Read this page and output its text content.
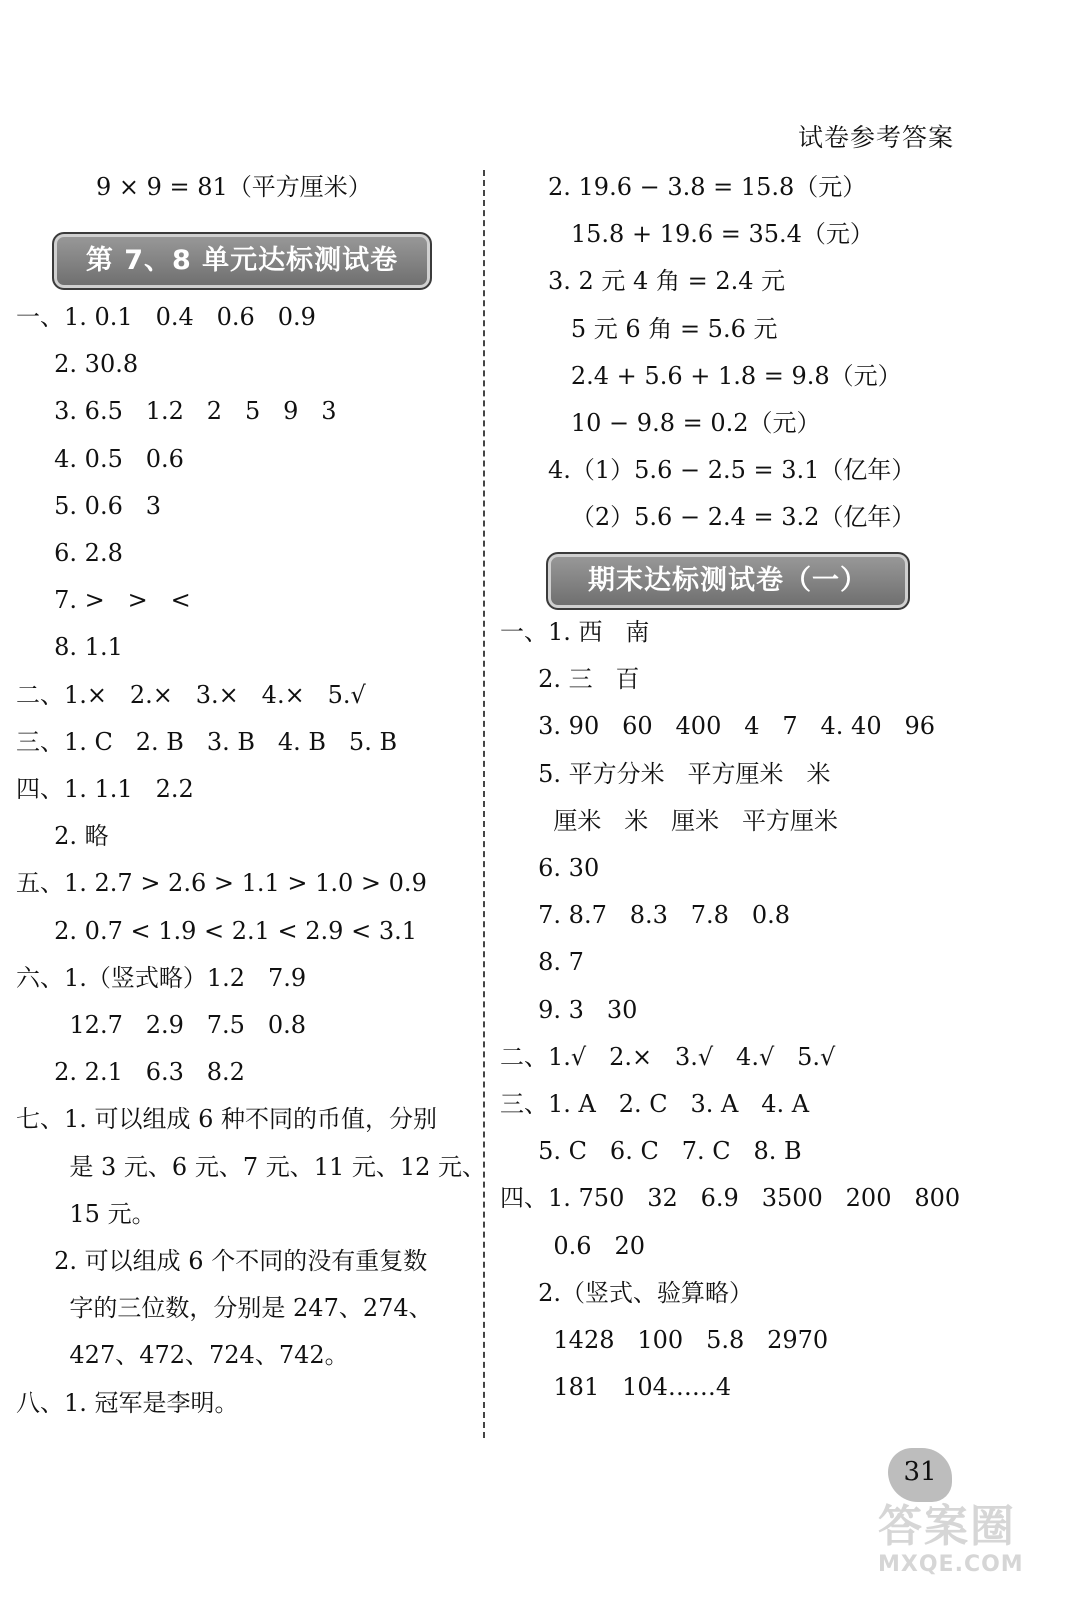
试卷参考答案
9 × 9 = 81（平方厘米）
第 7、8 单元达标测试卷
一、1. 0.1   0.4   0.6   0.9
2. 30.8
3. 6.5   1.2   2   5   9   3
4. 0.5   0.6
5. 0.6   3
6. 2.8
7. >   >   <
8. 1.1
二、1.×   2.×   3.×   4.×   5.√
三、1. C   2. B   3. B   4. B   5. B
四、1. 1.1   2.2
2. 略
五、1. 2.7 > 2.6 > 1.1 > 1.0 > 0.9
2. 0.7 < 1.9 < 2.1 < 2.9 < 3.1
六、1.（竖式略）1.2   7.9
12.7   2.9   7.5   0.8
2. 2.1   6.3   8.2
七、1. 可以组成 6 种不同的币值，分别
是 3 元、6 元、7 元、11 元、12 元、
15 元。
2. 可以组成 6 个不同的没有重复数
字的三位数，分别是 247、274、
427、472、724、742。
八、1. 冠军是李明。
2. 19.6 − 3.8 = 15.8（元）
15.8 + 19.6 = 35.4（元）
3. 2 元 4 角 = 2.4 元
5 元 6 角 = 5.6 元
2.4 + 5.6 + 1.8 = 9.8（元）
10 − 9.8 = 0.2（元）
4.（1）5.6 − 2.5 = 3.1（亿年）
（2）5.6 − 2.4 = 3.2（亿年）
期末达标测试卷（一）
一、1. 西   南
2. 三   百
3. 90   60   400   4   7   4. 40   96
5. 平方分米   平方厘米   米
厘米   米   厘米   平方厘米
6. 30
7. 8.7   8.3   7.8   0.8
8. 7
9. 3   30
二、1.√   2.×   3.√   4.√   5.√
三、1. A   2. C   3. A   4. A
5. C   6. C   7. C   8. B
四、1. 750   32   6.9   3500   200   800
0.6   20
2.（竖式、验算略）
1428   100   5.8   2970
181   104……4
31
答案圈
MXQE.COM
